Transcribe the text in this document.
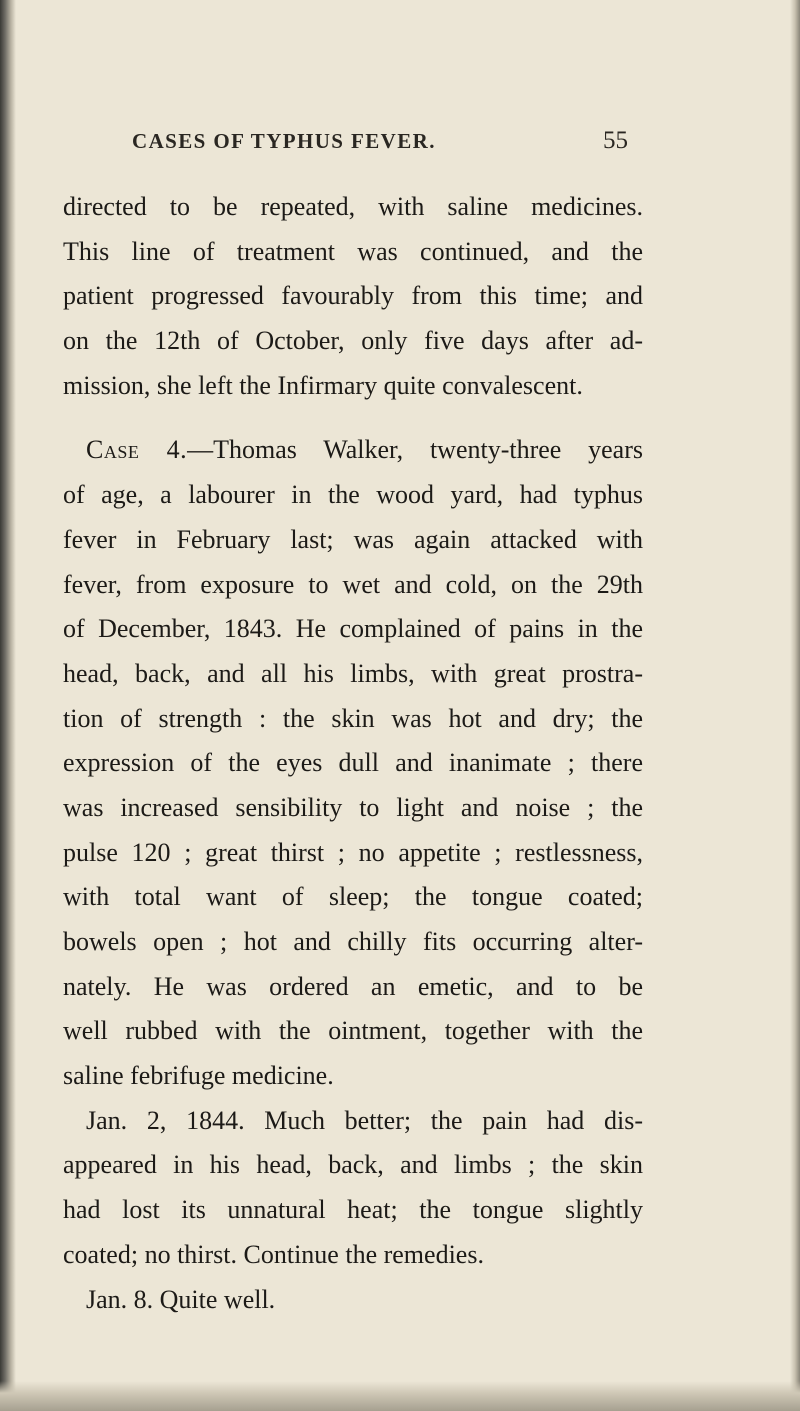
CASES OF TYPHUS FEVER.	55
directed to be repeated, with saline medicines.
This line of treatment was continued, and the
patient progressed favourably from this time; and
on the 12th of October, only five days after ad-
mission, she left the Infirmary quite convalescent.
Case 4.—Thomas Walker, twenty-three years
of age, a labourer in the wood yard, had typhus
fever in February last; was again attacked with
fever, from exposure to wet and cold, on the 29th
of December, 1843. He complained of pains in the
head, back, and all his limbs, with great prostra-
tion of strength : the skin was hot and dry; the
expression of the eyes dull and inanimate ; there
was increased sensibility to light and noise ; the
pulse 120 ; great thirst ; no appetite ; restlessness,
with total want of sleep; the tongue coated;
bowels open ; hot and chilly fits occurring alter-
nately. He was ordered an emetic, and to be
well rubbed with the ointment, together with the
saline febrifuge medicine.
Jan. 2, 1844. Much better; the pain had dis-
appeared in his head, back, and limbs ; the skin
had lost its unnatural heat; the tongue slightly
coated; no thirst. Continue the remedies.
Jan. 8. Quite well.
